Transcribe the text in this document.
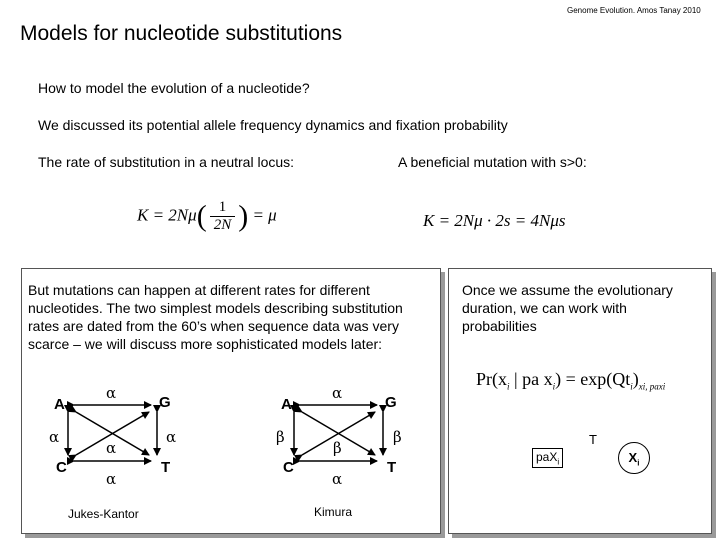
Genome Evolution. Amos Tanay 2010
Models for nucleotide substitutions
How to model the evolution of a nucleotide?
We discussed its potential allele frequency dynamics and fixation probability
The rate of substitution in a neutral locus:	A beneficial mutation with s>0:
$K = 2N\mu( \frac{1}{2N}$ ) = μ	K = 2Nμ · 2s = 4Nμs
But mutations can happen at different rates for different nucleotides. The two simplest models describing substitution rates are dated from the 60’s when sequence data was very scarce – we will discuss more sophisticated models later:
A	G
C	T
α
α	α
α
α
Jukes-Kantor
A	G
C	T
α
β	β
β
α
Kimura
Once we assume the evolutionary duration, we can work with probabilities
$Pr(x_i$ | pa $x_i) = \exp(Qt_i)_{xi, paxi}$
paX$_i$
T
$X_i$
